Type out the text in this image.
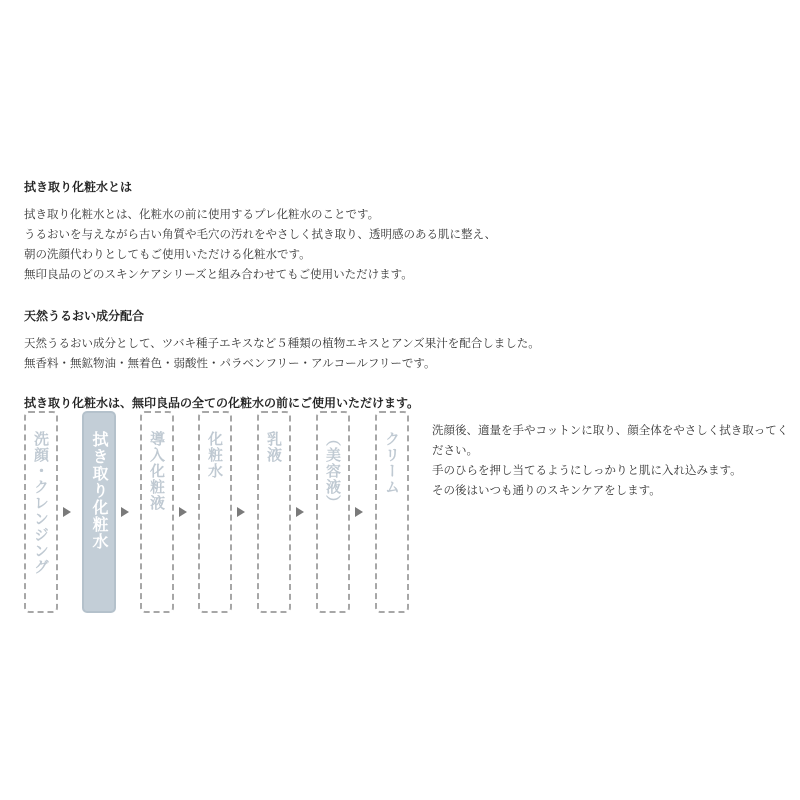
拭き取り化粧水とは
拭き取り化粧水とは、化粧水の前に使用するプレ化粧水のことです。
うるおいを与えながら古い角質や毛穴の汚れをやさしく拭き取り、透明感のある肌に整え、
朝の洗顔代わりとしてもご使用いただける化粧水です。
無印良品のどのスキンケアシリーズと組み合わせてもご使用いただけます。
天然うるおい成分配合
天然うるおい成分として、ツバキ種子エキスなど５種類の植物エキスとアンズ果汁を配合しました。
無香料・無鉱物油・無着色・弱酸性・パラベンフリー・アルコールフリーです。
拭き取り化粧水は、無印良品の全ての化粧水の前にご使用いただけます。
洗顔・クレンジング	拭き取り化粧水	導入化粧液	化粧水	乳液	（美容液）	クリーム
洗顔後、適量を手やコットンに取り、顔全体をやさしく拭き取ってく
ださい。
手のひらを押し当てるようにしっかりと肌に入れ込みます。
その後はいつも通りのスキンケアをします。
